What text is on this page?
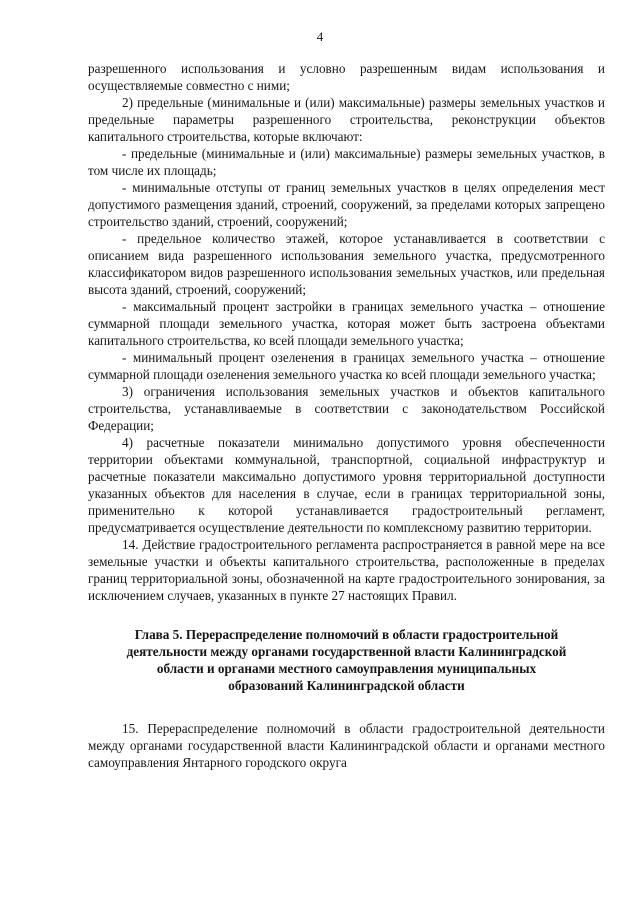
4

разрешенного использования и условно разрешенным видам использования и осуществляемые совместно с ними;

2) предельные (минимальные и (или) максимальные) размеры земельных участков и предельные параметры разрешенного строительства, реконструкции объектов капитального строительства, которые включают:

- предельные (минимальные и (или) максимальные) размеры земельных участков, в том числе их площадь;

- минимальные отступы от границ земельных участков в целях определения мест допустимого размещения зданий, строений, сооружений, за пределами которых запрещено строительство зданий, строений, сооружений;

- предельное количество этажей, которое устанавливается в соответствии с описанием вида разрешенного использования земельного участка, предусмотренного классификатором видов разрешенного использования земельных участков, или предельная высота зданий, строений, сооружений;

- максимальный процент застройки в границах земельного участка – отношение суммарной площади земельного участка, которая может быть застроена объектами капитального строительства, ко всей площади земельного участка;

- минимальный процент озеленения в границах земельного участка – отношение суммарной площади озеленения земельного участка ко всей площади земельного участка;

3) ограничения использования земельных участков и объектов капитального строительства, устанавливаемые в соответствии с законодательством Российской Федерации;

4) расчетные показатели минимально допустимого уровня обеспеченности территории объектами коммунальной, транспортной, социальной инфраструктур и расчетные показатели максимально допустимого уровня территориальной доступности указанных объектов для населения в случае, если в границах территориальной зоны, применительно к которой устанавливается градостроительный регламент, предусматривается осуществление деятельности по комплексному развитию территории.

14. Действие градостроительного регламента распространяется в равной мере на все земельные участки и объекты капитального строительства, расположенные в пределах границ территориальной зоны, обозначенной на карте градостроительного зонирования, за исключением случаев, указанных в пункте 27 настоящих Правил.

Глава 5. Перераспределение полномочий в области градостроительной
деятельности между органами государственной власти Калининградской
области и органами местного самоуправления муниципальных
образований Калининградской области

15. Перераспределение полномочий в области градостроительной деятельности между органами государственной власти Калининградской области и органами местного самоуправления Янтарного городского округа
